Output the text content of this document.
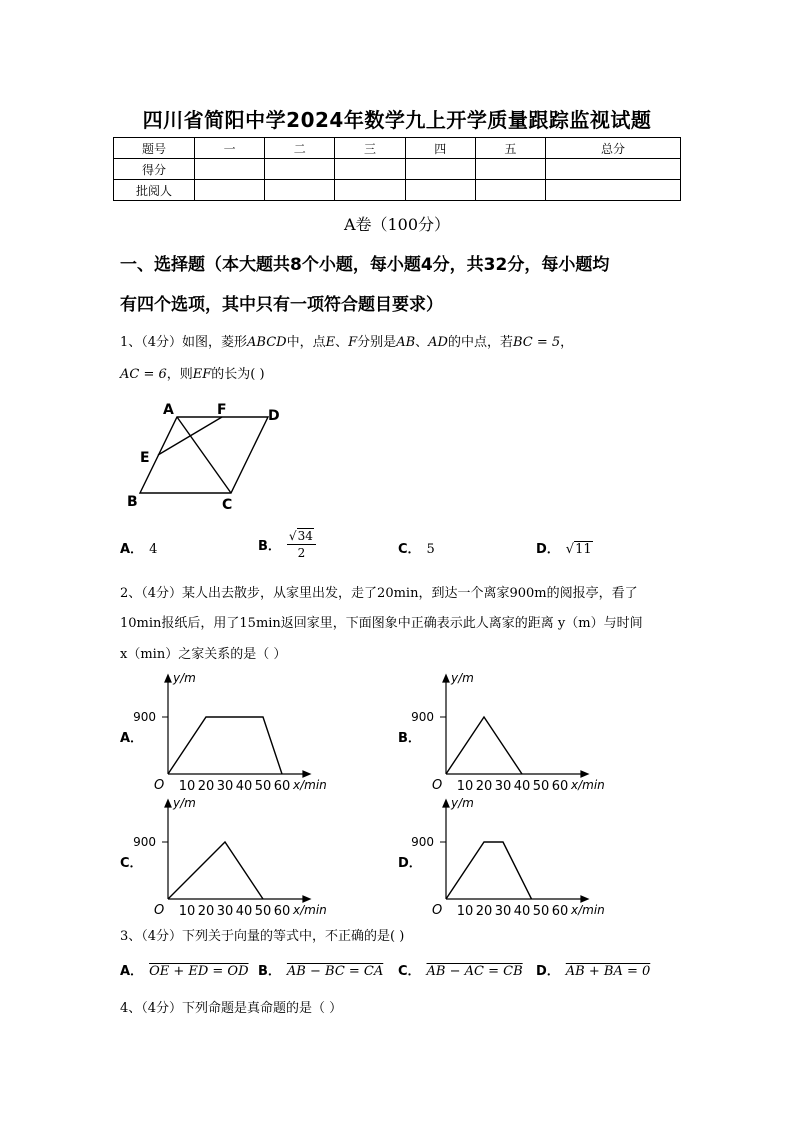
四川省简阳中学2024年数学九上开学质量跟踪监视试题
题号	一	二	三	四	五	总分
得分						
批阅人						
A卷（100分）
一、选择题（本大题共8个小题，每小题4分，共32分，每小题均
有四个选项，其中只有一项符合题目要求）
1、（4分）如图，菱形ABCD中，点E、F分别是AB、AD的中点，若BC = 5，
AC = 6，则EF的长为( )
A	F	D
E
B	C
A． 4	B． $\frac{√34}{2}$	C． 5	D． √11
2、（4分）某人出去散步，从家里出发，走了20min，到达一个离家900m的阅报亭，看了
10min报纸后，用了15min返回家里，下面图象中正确表示此人离家的距离 y（m）与时间
x（min）之家关系的是（ ）
A．	B．
C．	D．
900
y/m
O 10 20 30 40 50 60 x/min
900
y/m
O 10 20 30 40 50 60 x/min
900
y/m
O 10 20 30 40 50 60 x/min
900
y/m
O 10 20 30 40 50 60 x/min
3、（4分）下列关于向量的等式中，不正确的是( )
A． OE + ED = OD B． AB − BC = CA C． AB − AC = CB D． AB + BA = 0
4、（4分）下列命题是真命题的是（ ）
